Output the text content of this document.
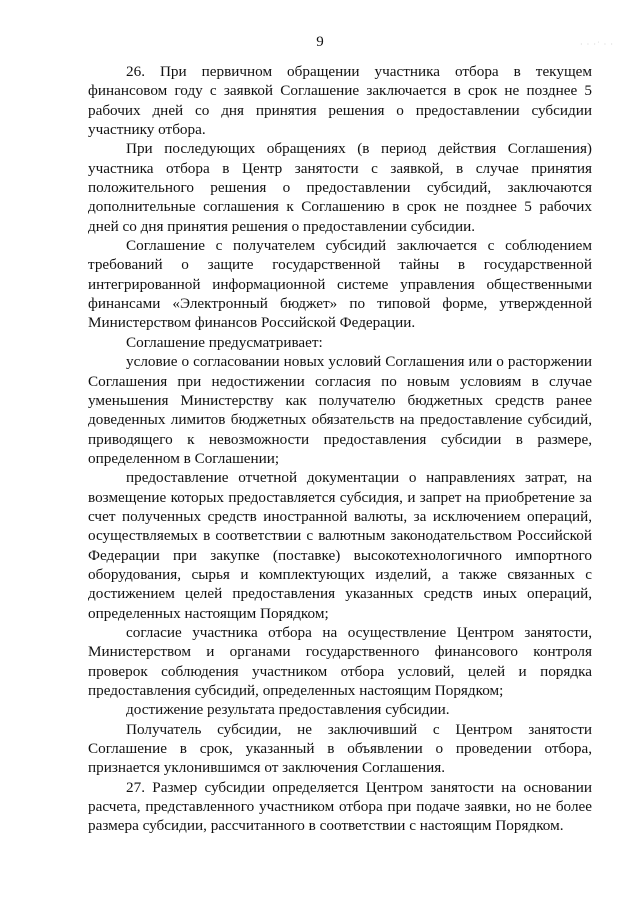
9	· · ·˙ · ·

26. При первичном обращении участника отбора в текущем финансовом году с заявкой Соглашение заключается в срок не позднее 5 рабочих дней со дня принятия решения о предоставлении субсидии участнику отбора.

При последующих обращениях (в период действия Соглашения) участника отбора в Центр занятости с заявкой, в случае принятия положительного решения о предоставлении субсидий, заключаются дополнительные соглашения к Соглашению в срок не позднее 5 рабочих дней со дня принятия решения о предоставлении субсидии.

Соглашение с получателем субсидий заключается с соблюдением требований о защите государственной тайны в государственной интегрированной информационной системе управления общественными финансами «Электронный бюджет» по типовой форме, утвержденной Министерством финансов Российской Федерации.

Соглашение предусматривает:

условие о согласовании новых условий Соглашения или о расторжении Соглашения при недостижении согласия по новым условиям в случае уменьшения Министерству как получателю бюджетных средств ранее доведенных лимитов бюджетных обязательств на предоставление субсидий, приводящего к невозможности предоставления субсидии в размере, определенном в Соглашении;

предоставление отчетной документации о направлениях затрат, на возмещение которых предоставляется субсидия, и запрет на приобретение за счет полученных средств иностранной валюты, за исключением операций, осуществляемых в соответствии с валютным законодательством Российской Федерации при закупке (поставке) высокотехнологичного импортного оборудования, сырья и комплектующих изделий, а также связанных с достижением целей предоставления указанных средств иных операций, определенных настоящим Порядком;

согласие участника отбора на осуществление Центром занятости, Министерством и органами государственного финансового контроля проверок соблюдения участником отбора условий, целей и порядка предоставления субсидий, определенных настоящим Порядком;

достижение результата предоставления субсидии.

Получатель субсидии, не заключивший с Центром занятости Соглашение в срок, указанный в объявлении о проведении отбора, признается уклонившимся от заключения Соглашения.

27. Размер субсидии определяется Центром занятости на основании расчета, представленного участником отбора при подаче заявки, но не более размера субсидии, рассчитанного в соответствии с настоящим Порядком.
